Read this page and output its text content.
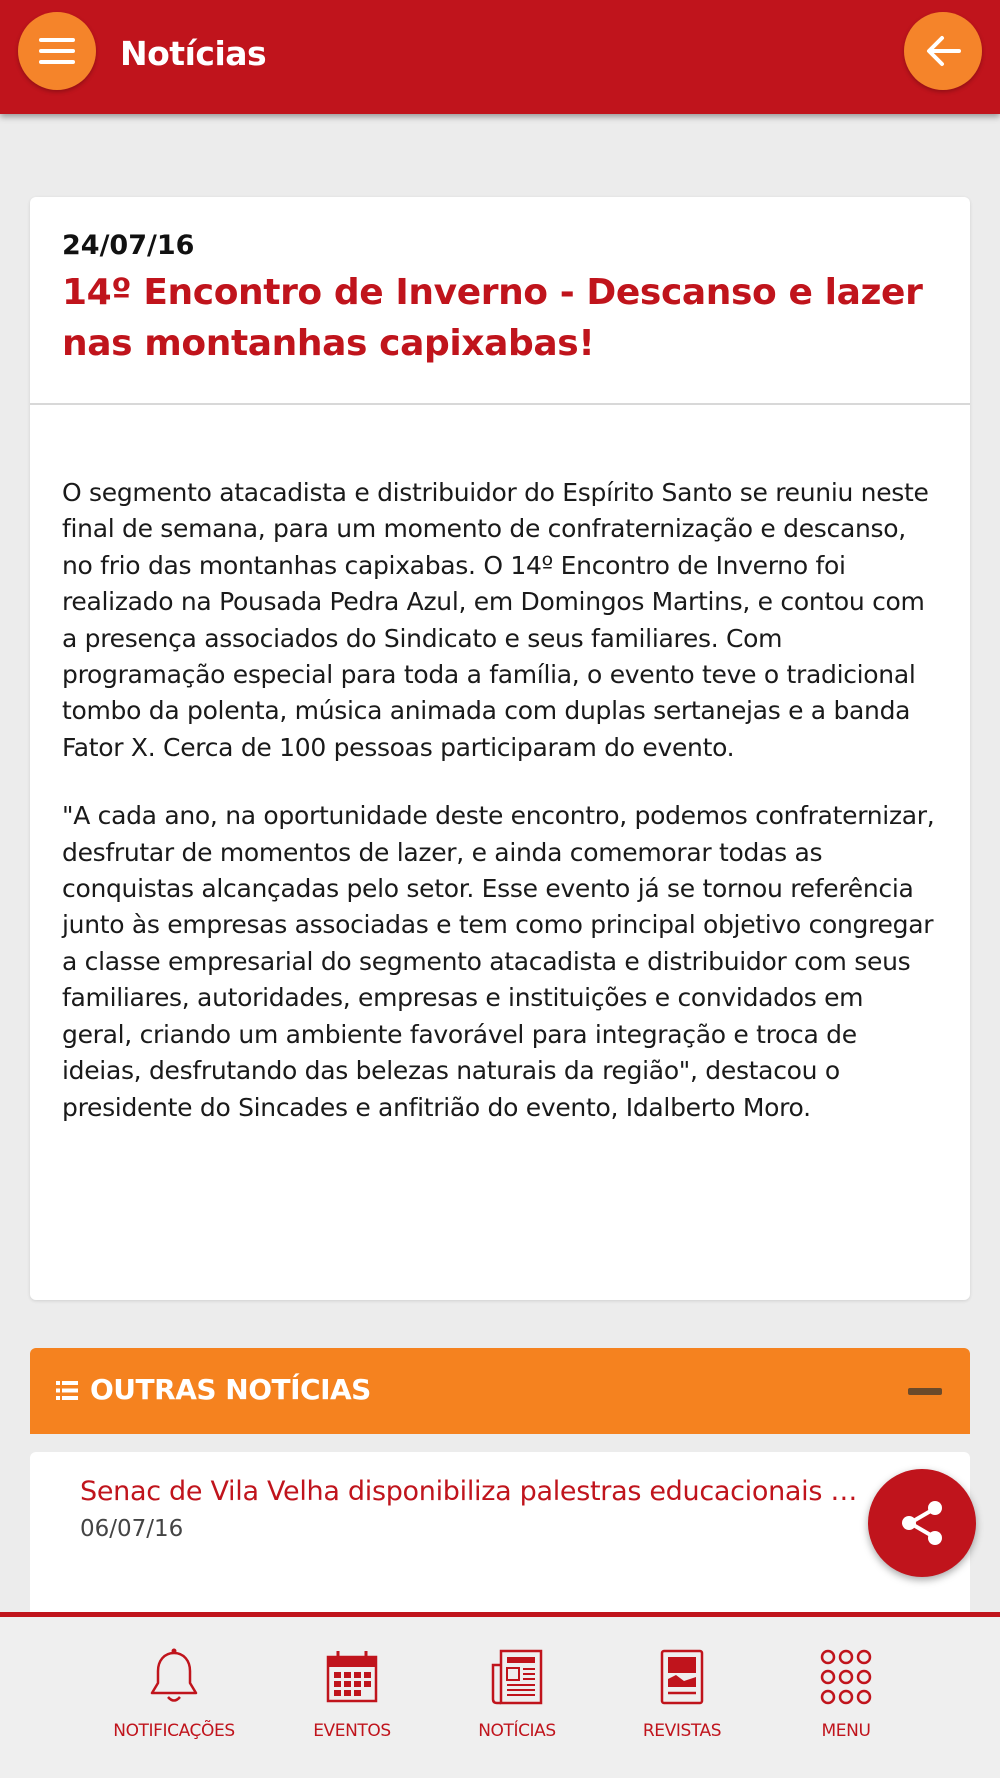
Notícias
24/07/16
14º Encontro de Inverno - Descanso e lazer nas montanhas capixabas!

O segmento atacadista e distribuidor do Espírito Santo se reuniu neste final de semana, para um momento de confraternização e descanso, no frio das montanhas capixabas. O 14º Encontro de Inverno foi realizado na Pousada Pedra Azul, em Domingos Martins, e contou com a presença associados do Sindicato e seus familiares. Com programação especial para toda a família, o evento teve o tradicional tombo da polenta, música animada com duplas sertanejas e a banda Fator X. Cerca de 100 pessoas participaram do evento.

"A cada ano, na oportunidade deste encontro, podemos confraternizar, desfrutar de momentos de lazer, e ainda comemorar todas as conquistas alcançadas pelo setor. Esse evento já se tornou referência junto às empresas associadas e tem como principal objetivo congregar a classe empresarial do segmento atacadista e distribuidor com seus familiares, autoridades, empresas e instituições e convidados em geral, criando um ambiente favorável para integração e troca de ideias, desfrutando das belezas naturais da região", destacou o presidente do Sincades e anfitrião do evento, Idalberto Moro.

OUTRAS NOTÍCIAS
Senac de Vila Velha disponibiliza palestras educacionais …
06/07/16
NOTIFICAÇÕES	EVENTOS	NOTÍCIAS	REVISTAS	MENU
